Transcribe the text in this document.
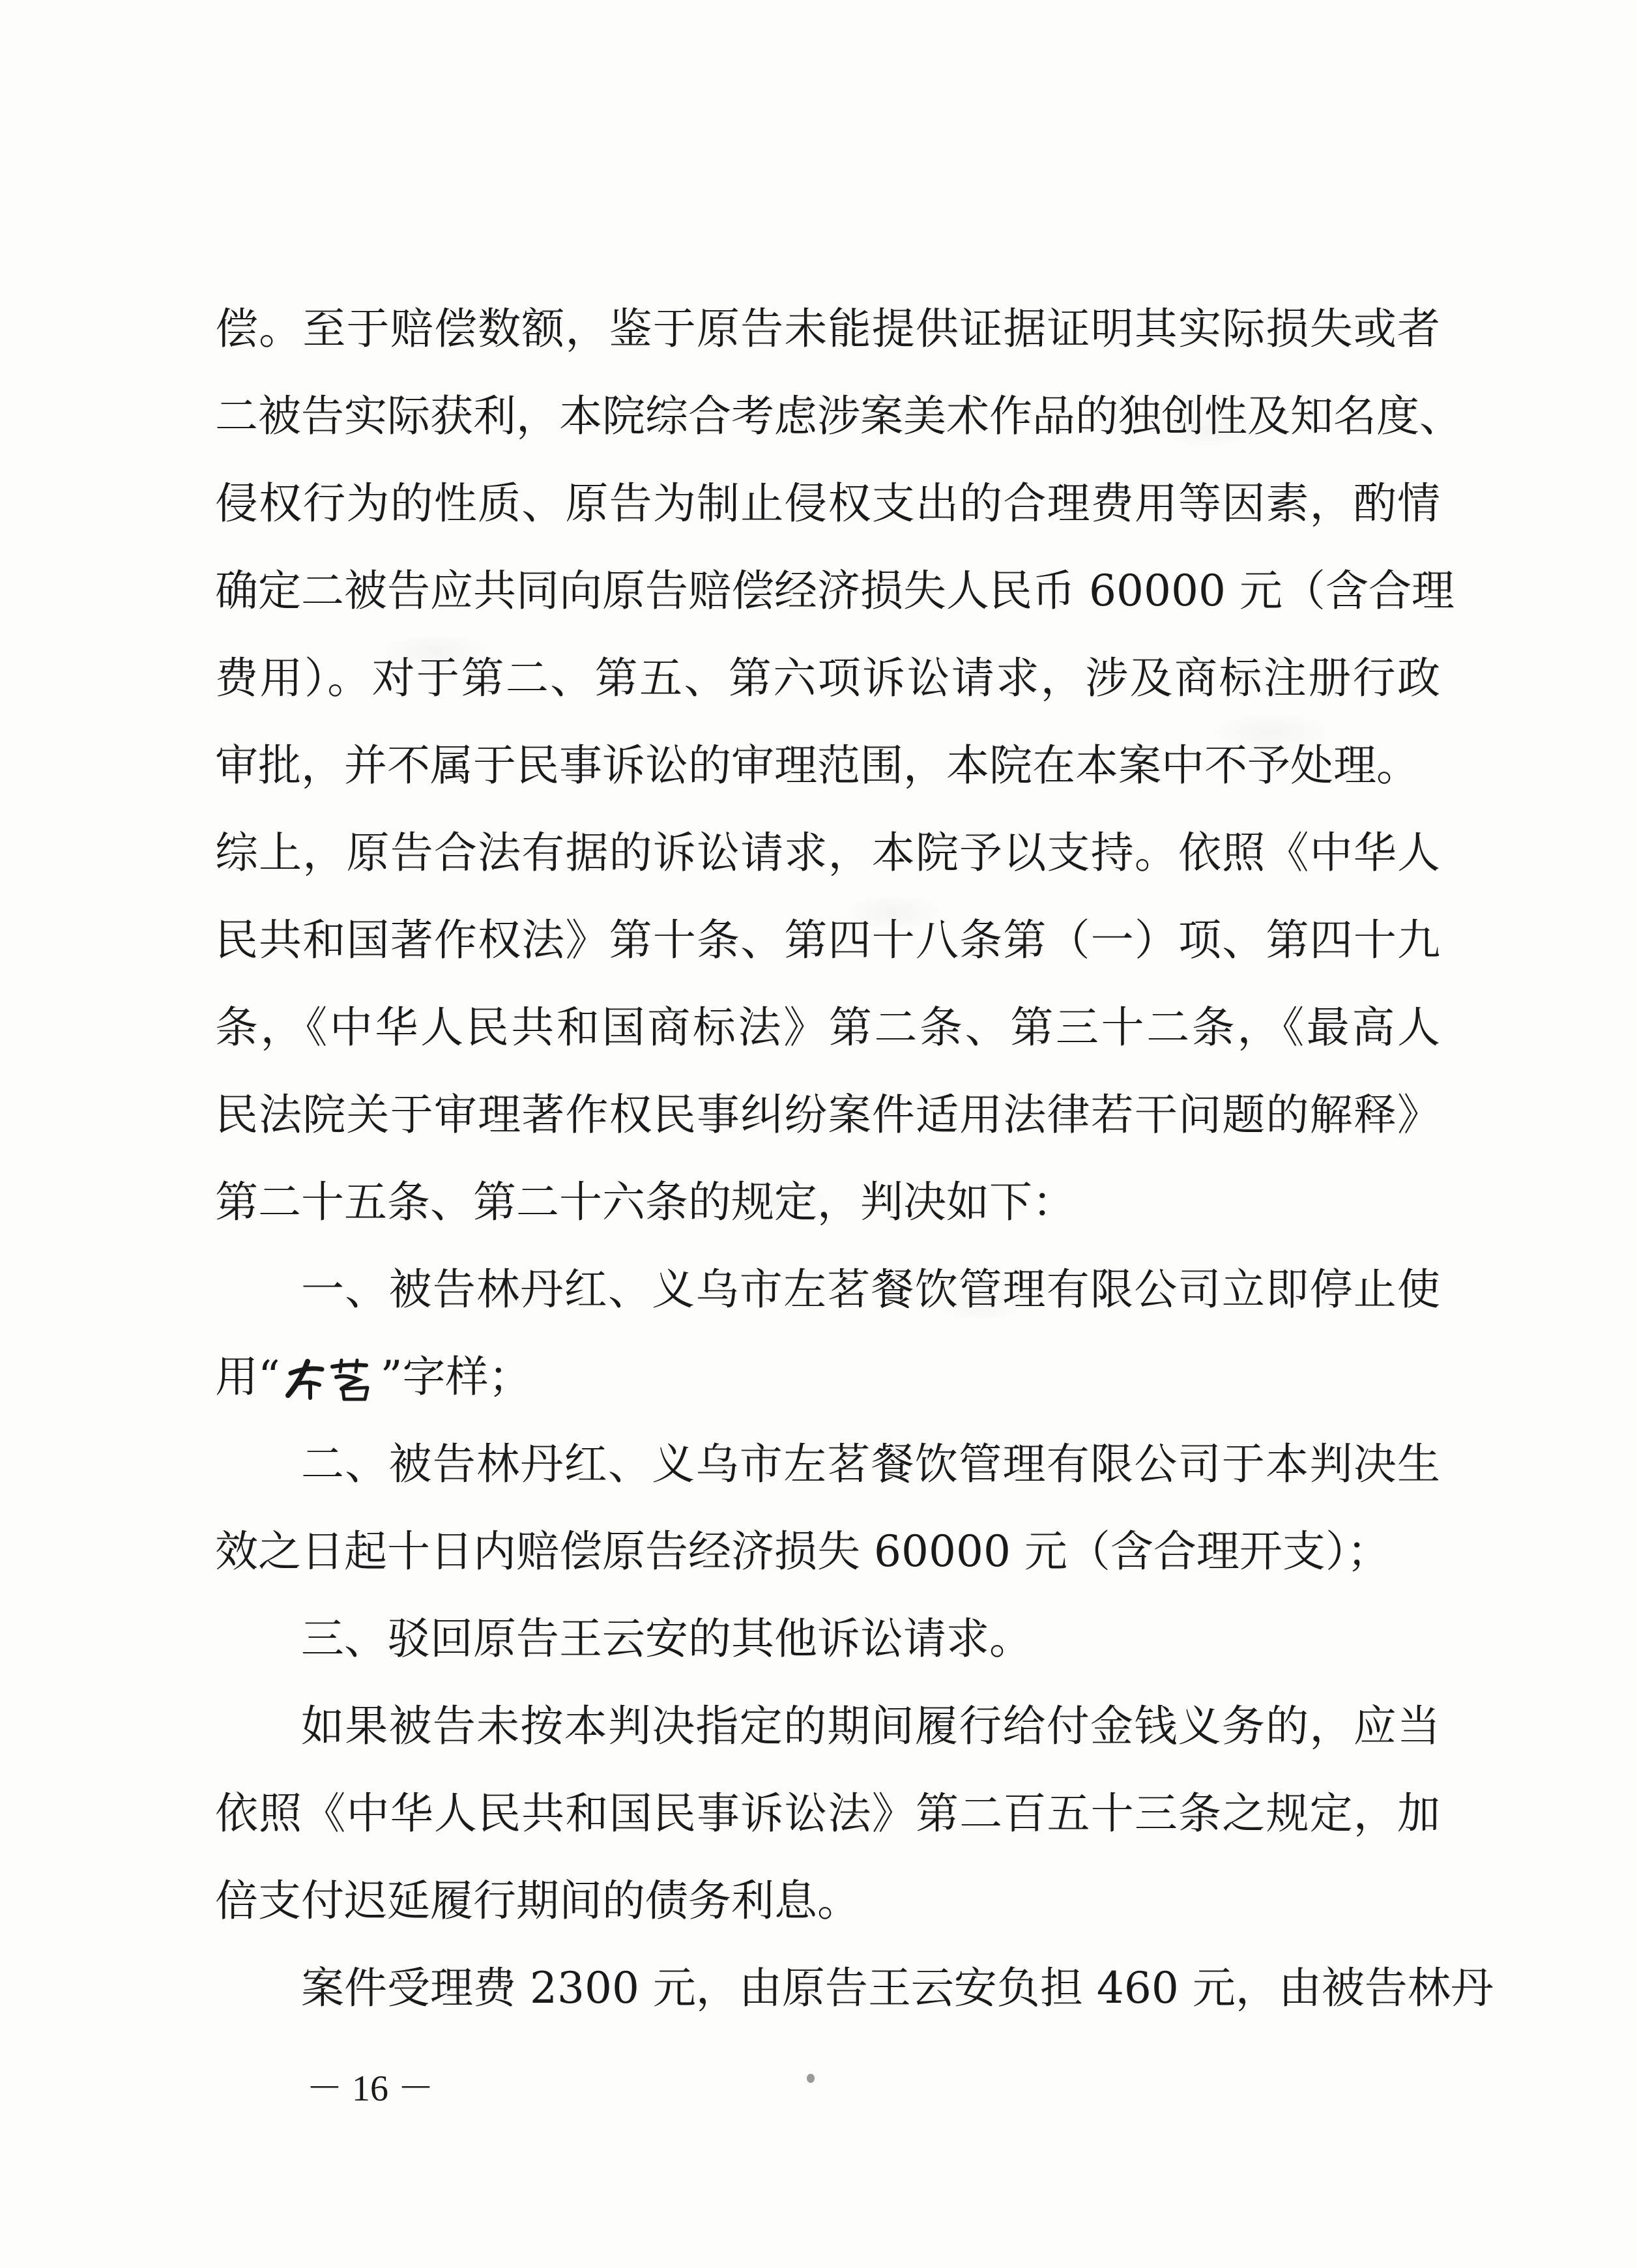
偿。至于赔偿数额，鉴于原告未能提供证据证明其实际损失或者
二被告实际获利，本院综合考虑涉案美术作品的独创性及知名度、
侵权行为的性质、原告为制止侵权支出的合理费用等因素，酌情
确定二被告应共同向原告赔偿经济损失人民币 60000 元（含合理
费用）。对于第二、第五、第六项诉讼请求，涉及商标注册行政
审批，并不属于民事诉讼的审理范围，本院在本案中不予处理。
综上，原告合法有据的诉讼请求，本院予以支持。依照《中华人
民共和国著作权法》第十条、第四十八条第（一）项、第四十九
条，《中华人民共和国商标法》第二条、第三十二条，《最高人
民法院关于审理著作权民事纠纷案件适用法律若干问题的解释》
第二十五条、第二十六条的规定，判决如下：
一、被告林丹红、义乌市左茗餐饮管理有限公司立即停止使
用“ ”字样；
二、被告林丹红、义乌市左茗餐饮管理有限公司于本判决生
效之日起十日内赔偿原告经济损失 60000 元（含合理开支）；
三、驳回原告王云安的其他诉讼请求。
如果被告未按本判决指定的期间履行给付金钱义务的，应当
依照《中华人民共和国民事诉讼法》第二百五十三条之规定，加
倍支付迟延履行期间的债务利息。
案件受理费 2300 元，由原告王云安负担 460 元，由被告林丹
－ 16 －
